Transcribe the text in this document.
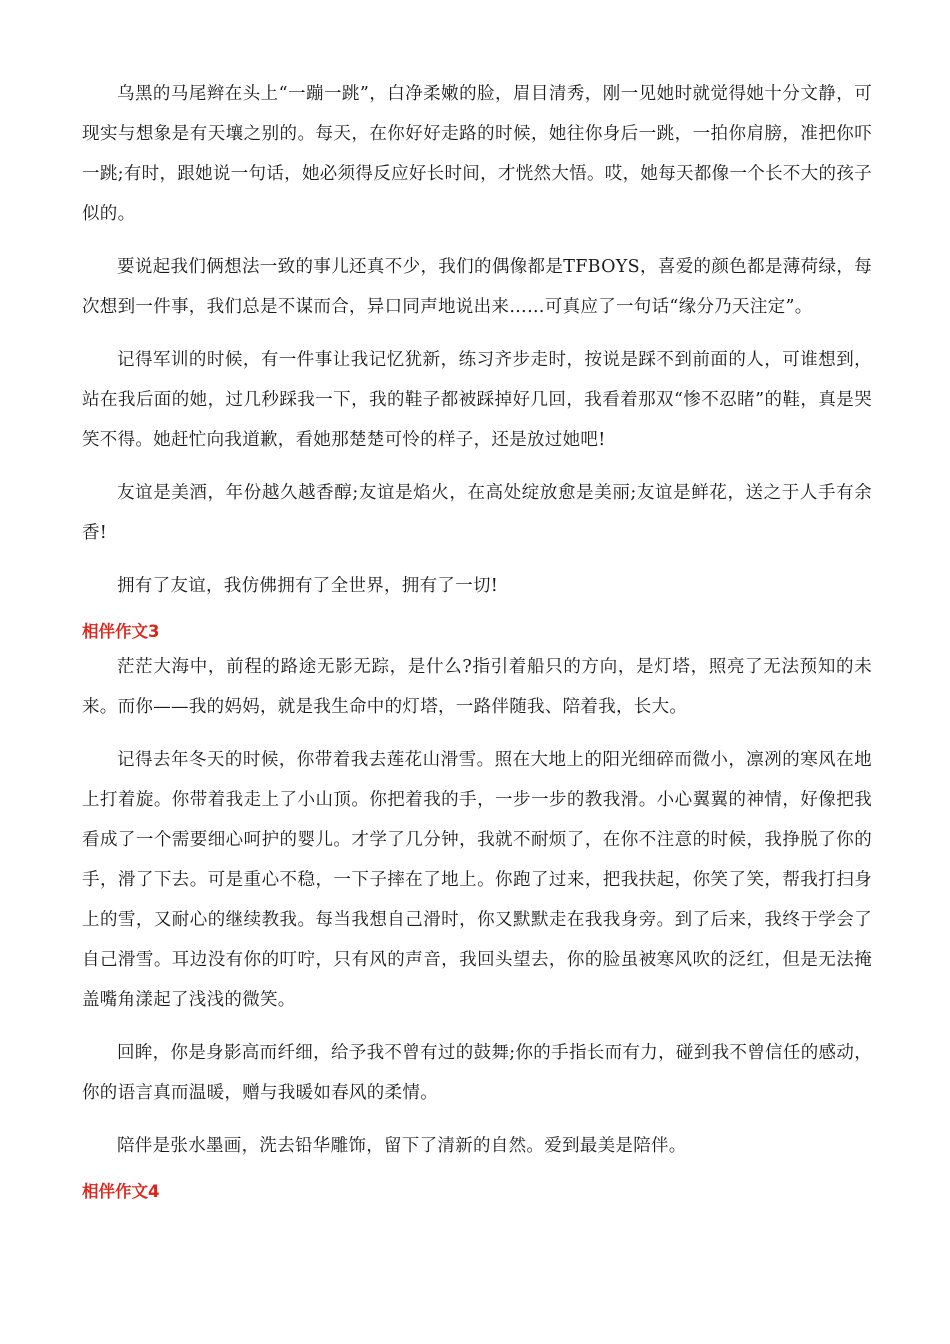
乌黑的马尾辫在头上“一蹦一跳”，白净柔嫩的脸，眉目清秀，刚一见她时就觉得她十分文静，可现实与想象是有天壤之别的。每天，在你好好走路的时候，她往你身后一跳，一拍你肩膀，准把你吓一跳;有时，跟她说一句话，她必须得反应好长时间，才恍然大悟。哎，她每天都像一个长不大的孩子似的。

要说起我们俩想法一致的事儿还真不少，我们的偶像都是TFBOYS，喜爱的颜色都是薄荷绿，每次想到一件事，我们总是不谋而合，异口同声地说出来……可真应了一句话“缘分乃天注定”。

记得军训的时候，有一件事让我记忆犹新，练习齐步走时，按说是踩不到前面的人，可谁想到，站在我后面的她，过几秒踩我一下，我的鞋子都被踩掉好几回，我看着那双“惨不忍睹”的鞋，真是哭笑不得。她赶忙向我道歉，看她那楚楚可怜的样子，还是放过她吧!

友谊是美酒，年份越久越香醇;友谊是焰火，在高处绽放愈是美丽;友谊是鲜花，送之于人手有余香!

拥有了友谊，我仿佛拥有了全世界，拥有了一切!

相伴作文3

茫茫大海中，前程的路途无影无踪，是什么?指引着船只的方向，是灯塔，照亮了无法预知的未来。而你——我的妈妈，就是我生命中的灯塔，一路伴随我、陪着我，长大。

记得去年冬天的时候，你带着我去莲花山滑雪。照在大地上的阳光细碎而微小，凛冽的寒风在地上打着旋。你带着我走上了小山顶。你把着我的手，一步一步的教我滑。小心翼翼的神情，好像把我看成了一个需要细心呵护的婴儿。才学了几分钟，我就不耐烦了，在你不注意的时候，我挣脱了你的手，滑了下去。可是重心不稳，一下子摔在了地上。你跑了过来，把我扶起，你笑了笑，帮我打扫身上的雪，又耐心的继续教我。每当我想自己滑时，你又默默走在我我身旁。到了后来，我终于学会了自己滑雪。耳边没有你的叮咛，只有风的声音，我回头望去，你的脸虽被寒风吹的泛红，但是无法掩盖嘴角漾起了浅浅的微笑。

回眸，你是身影高而纤细，给予我不曾有过的鼓舞;你的手指长而有力，碰到我不曾信任的感动，你的语言真而温暖，赠与我暖如春风的柔情。

陪伴是张水墨画，洗去铅华雕饰，留下了清新的自然。爱到最美是陪伴。

相伴作文4
